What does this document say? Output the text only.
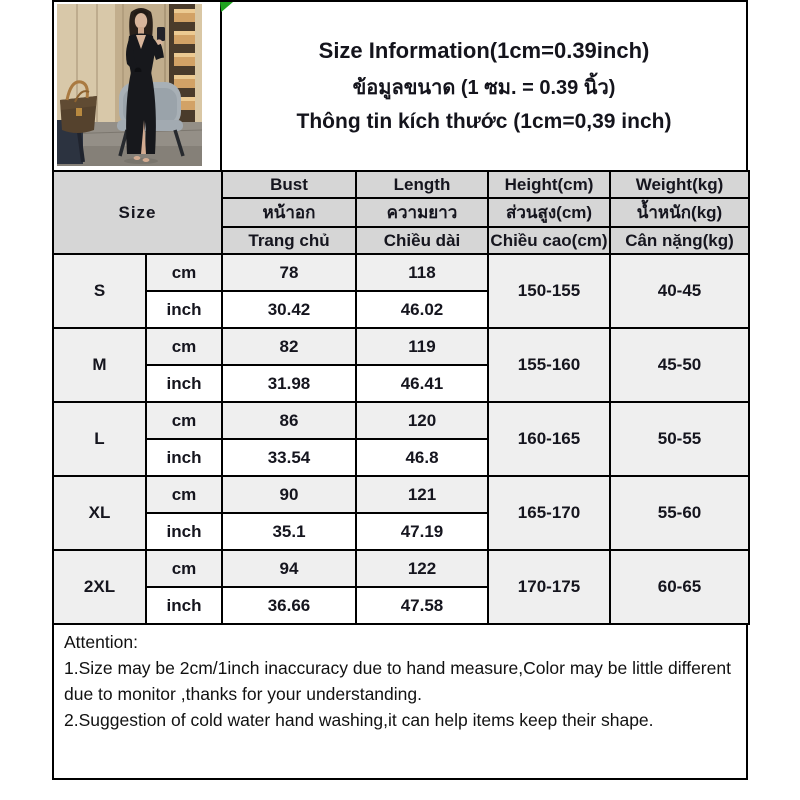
Size Information(1cm=0.39inch)
ข้อมูลขนาด (1 ซม. = 0.39 นิ้ว)
Thông tin kích thước (1cm=0,39 inch)
Size		Bust	Length	Height(cm)	Weight(kg)
		หน้าอก	ความยาว	ส่วนสูง(cm)	น้ำหนัก(kg)
		Trang chủ	Chiều dài	Chiều cao(cm)	Cân nặng(kg)
S	cm	78	118	150-155	40-45
	inch	30.42	46.02		
M	cm	82	119	155-160	45-50
	inch	31.98	46.41		
L	cm	86	120	160-165	50-55
	inch	33.54	46.8		
XL	cm	90	121	165-170	55-60
	inch	35.1	47.19		
2XL	cm	94	122	170-175	60-65
	inch	36.66	47.58		

Attention:

1.Size may be 2cm/1inch inaccuracy due to hand measure,Color may be little different due to monitor ,thanks for your understanding.

2.Suggestion of cold water hand washing,it can help items keep their shape.
